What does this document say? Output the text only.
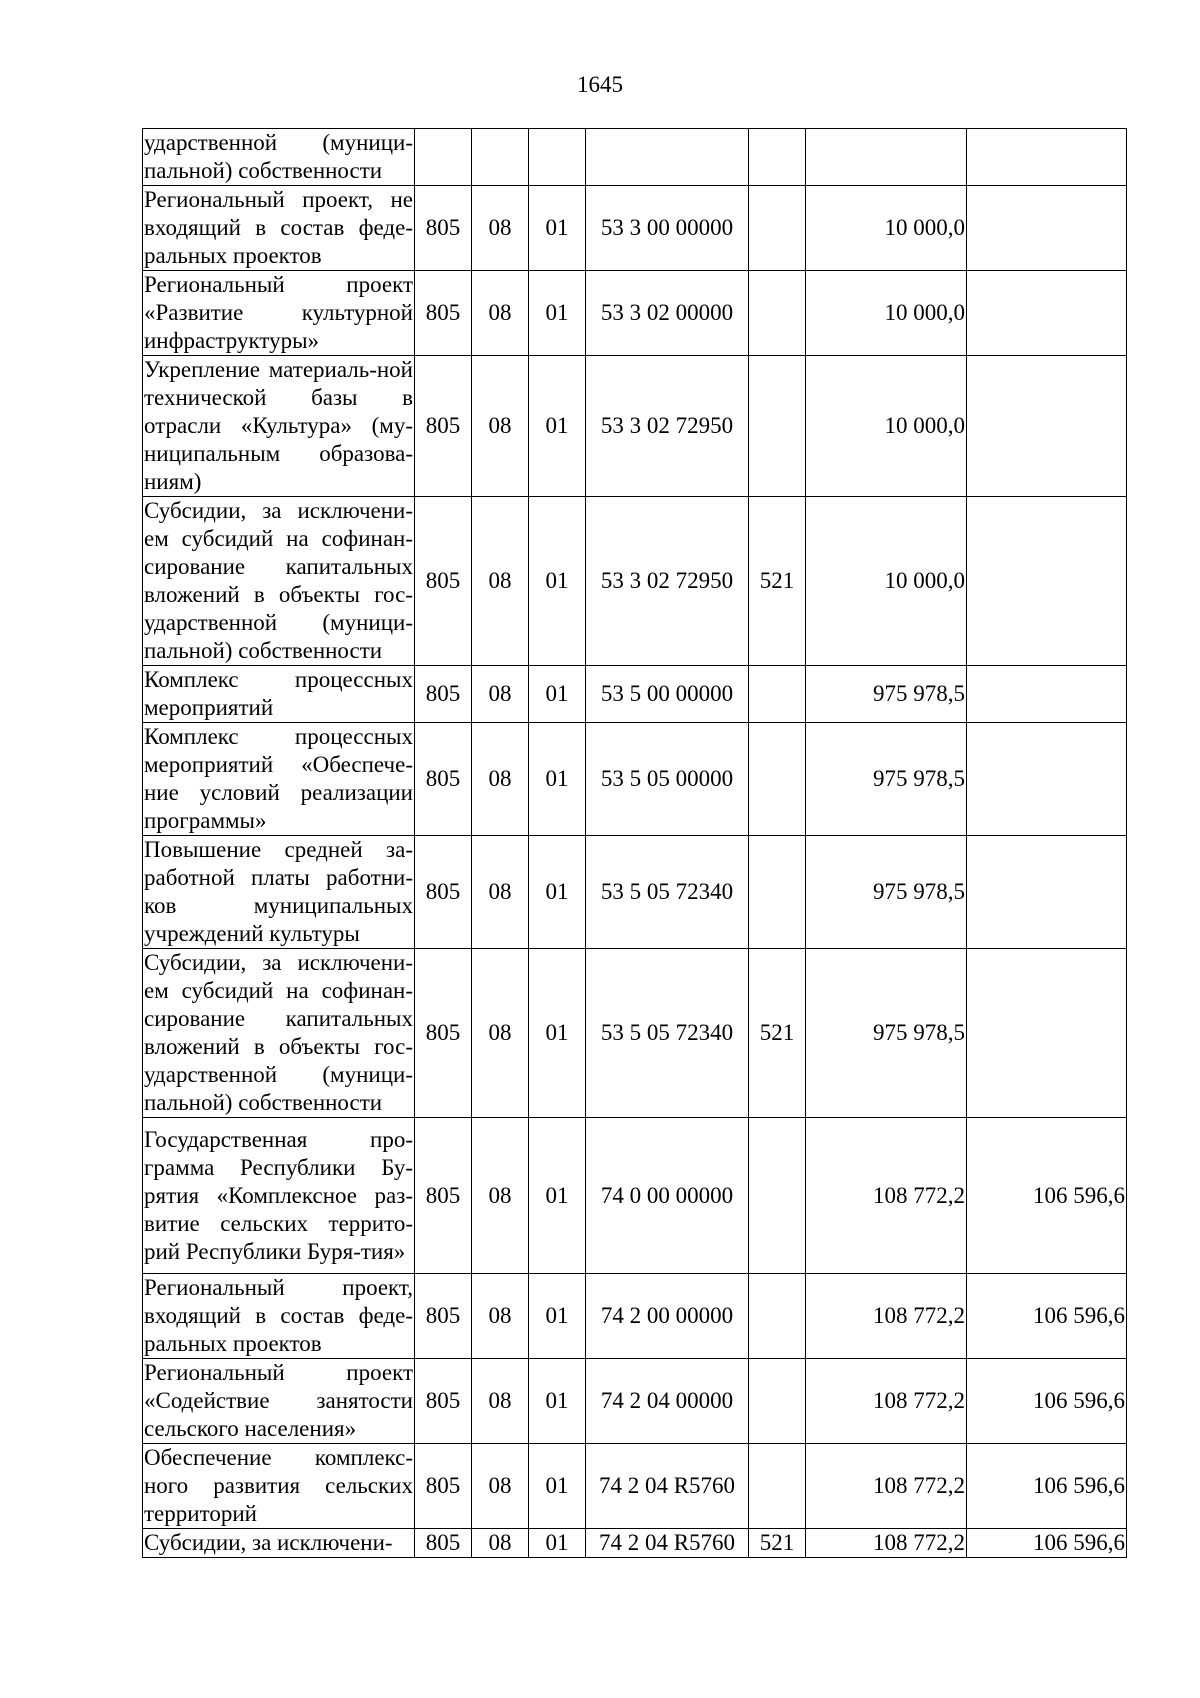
1645
ударственной (муници-пальной) собственности							
Региональный проект, не входящий в состав феде-ральных проектов	805	08	01	53 3 00 00000		10 000,0	
Региональный проект «Развитие культурной инфраструктуры»	805	08	01	53 3 02 00000		10 000,0	
Укрепление материаль-ной технической базы в отрасли «Культура» (му-ниципальным образова-ниям)	805	08	01	53 3 02 72950		10 000,0	
Субсидии, за исключени-ем субсидий на софинан-сирование капитальных вложений в объекты гос-ударственной (муници-пальной) собственности	805	08	01	53 3 02 72950	521	10 000,0	
Комплекс процессных мероприятий	805	08	01	53 5 00 00000		975 978,5	
Комплекс процессных мероприятий «Обеспече-ние условий реализации программы»	805	08	01	53 5 05 00000		975 978,5	
Повышение средней за-работной платы работни-ков муниципальных учреждений культуры	805	08	01	53 5 05 72340		975 978,5	
Субсидии, за исключени-ем субсидий на софинан-сирование капитальных вложений в объекты гос-ударственной (муници-пальной) собственности	805	08	01	53 5 05 72340	521	975 978,5	
Государственная про-грамма Республики Бу-рятия «Комплексное раз-витие сельских террито-рий Республики Буря-тия»	805	08	01	74 0 00 00000		108 772,2	106 596,6
Региональный проект, входящий в состав феде-ральных проектов	805	08	01	74 2 00 00000		108 772,2	106 596,6
Региональный проект «Содействие занятости сельского населения»	805	08	01	74 2 04 00000		108 772,2	106 596,6
Обеспечение комплекс-ного развития сельских территорий	805	08	01	74 2 04 R5760		108 772,2	106 596,6
Субсидии, за исключени-	805	08	01	74 2 04 R5760	521	108 772,2	106 596,6
